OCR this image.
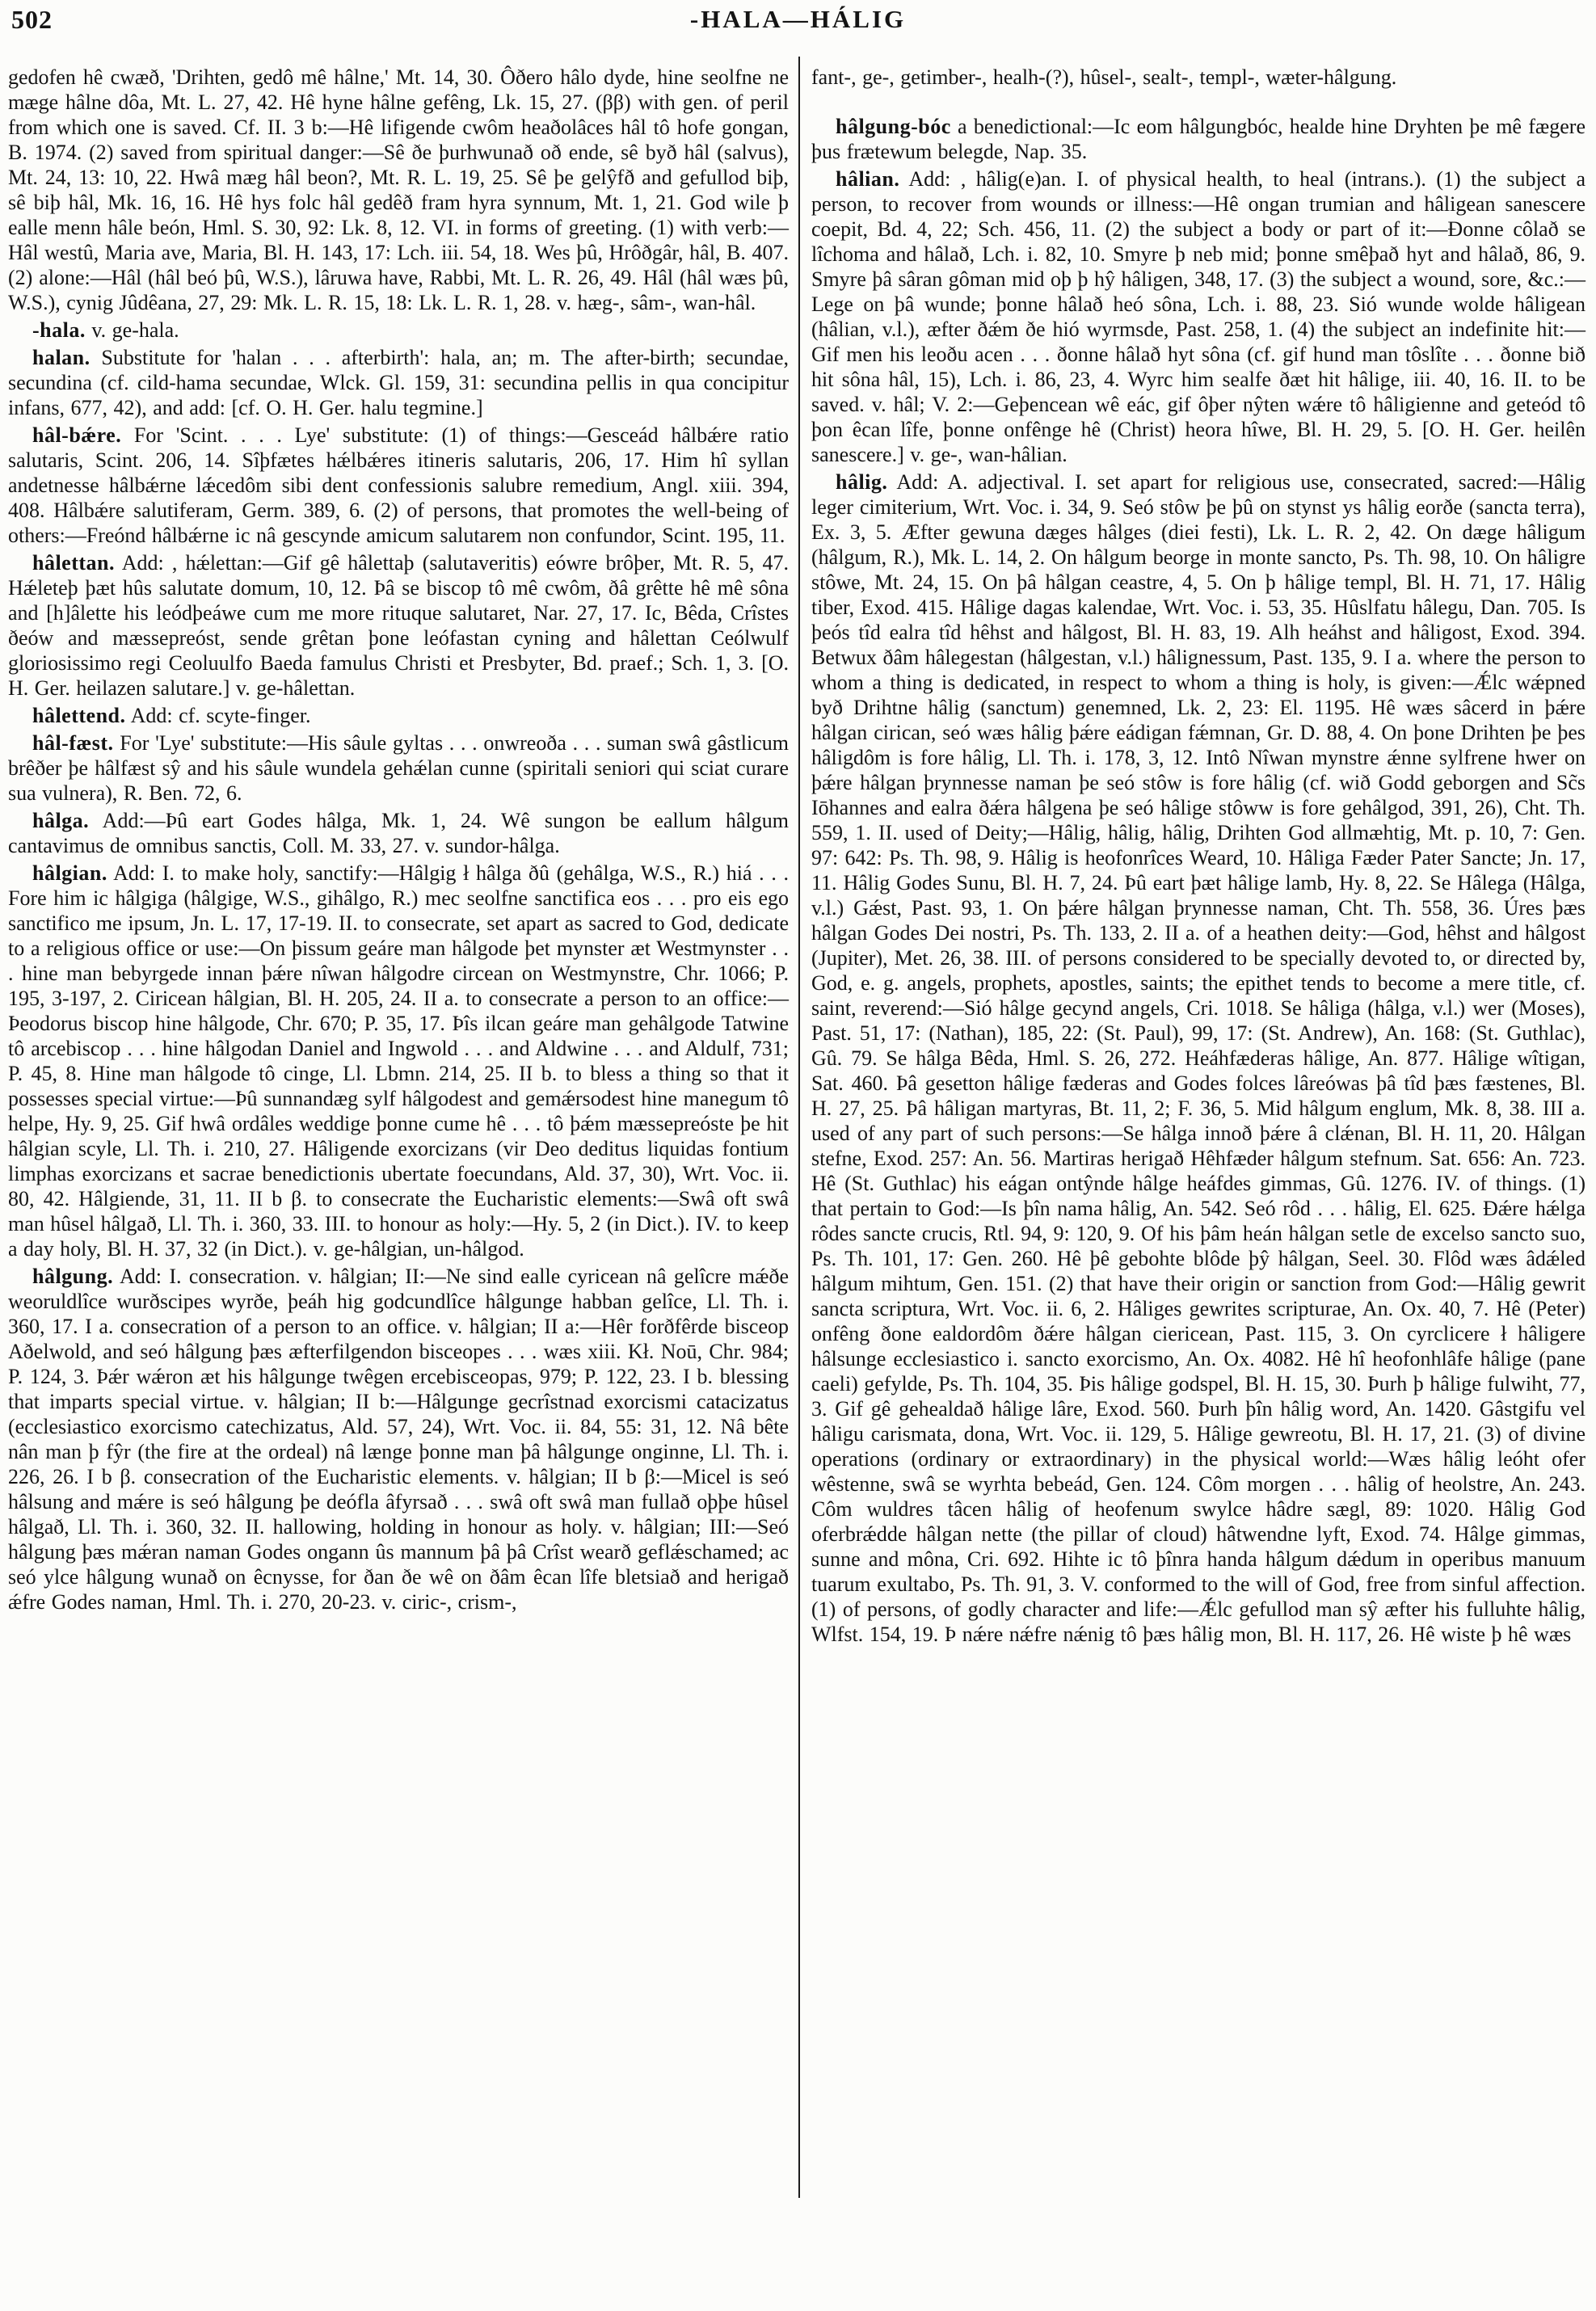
502	-HALA—HÁLIG

gedofen hê cwæð, 'Drihten, gedô mê hâlne,' Mt. 14, 30. Ôðero hâlo dyde, hine seolfne ne mæge hâlne dôa, Mt. L. 27, 42. Hê hyne hâlne gefêng, Lk. 15, 27. (ββ) with gen. of peril from which one is saved. Cf. II. 3 b:—Hê lifigende cwôm heaðolâces hâl tô hofe gongan, B. 1974. (2) saved from spiritual danger:—Sê ðe þurhwunað oð ende, sê byð hâl (salvus), Mt. 24, 13: 10, 22. Hwâ mæg hâl beon?, Mt. R. L. 19, 25. Sê þe gelŷfð and gefullod biþ, sê biþ hâl, Mk. 16, 16. Hê hys folc hâl gedêð fram hyra synnum, Mt. 1, 21. God wile þ ealle menn hâle beón, Hml. S. 30, 92: Lk. 8, 12. VI. in forms of greeting. (1) with verb:—Hâl westû, Maria ave, Maria, Bl. H. 143, 17: Lch. iii. 54, 18. Wes þû, Hrôðgâr, hâl, B. 407. (2) alone:—Hâl (hâl beó þû, W.S.), lâruwa have, Rabbi, Mt. L. R. 26, 49. Hâl (hâl wæs þû, W.S.), cynig Jûdêana, 27, 29: Mk. L. R. 15, 18: Lk. L. R. 1, 28. v. hæg-, sâm-, wan-hâl.

-hala. v. ge-hala.

halan. Substitute for 'halan . . . afterbirth': hala, an; m. The after-birth; secundae, secundina (cf. cild-hama secundae, Wlck. Gl. 159, 31: secundina pellis in qua concipitur infans, 677, 42), and add: [cf. O. H. Ger. halu tegmine.]

hâl-bǽre. For 'Scint. . . . Lye' substitute: (1) of things:—Gesceád hâlbǽre ratio salutaris, Scint. 206, 14. Sîþfætes hǽlbǽres itineris salutaris, 206, 17. Him hî syllan andetnesse hâlbǽrne lǽcedôm sibi dent confessionis salubre remedium, Angl. xiii. 394, 408. Hâlbǽre salutiferam, Germ. 389, 6. (2) of persons, that promotes the well-being of others:—Freónd hâlbǽrne ic nâ gescynde amicum salutarem non confundor, Scint. 195, 11.

hâlettan. Add: , hǽlettan:—Gif gê hâlettaþ (salutaveritis) eówre brôþer, Mt. R. 5, 47. Hǽleteþ þæt hûs salutate domum, 10, 12. Þâ se biscop tô mê cwôm, ðâ grêtte hê mê sôna and [h]âlette his leódþeáwe cum me more rituque salutaret, Nar. 27, 17. Ic, Bêda, Crîstes ðeów and mæssepreóst, sende grêtan þone leófastan cyning and hâlettan Ceólwulf gloriosissimo regi Ceoluulfo Baeda famulus Christi et Presbyter, Bd. praef.; Sch. 1, 3. [O. H. Ger. heilazen salutare.] v. ge-hâlettan.

hâlettend. Add: cf. scyte-finger.

hâl-fæst. For 'Lye' substitute:—His sâule gyltas . . . onwreoða . . . suman swâ gâstlicum brêðer þe hâlfæst sŷ and his sâule wundela gehǽlan cunne (spiritali seniori qui sciat curare sua vulnera), R. Ben. 72, 6.

hâlga. Add:—Þû eart Godes hâlga, Mk. 1, 24. Wê sungon be eallum hâlgum cantavimus de omnibus sanctis, Coll. M. 33, 27. v. sundor-hâlga.

hâlgian. Add: I. to make holy, sanctify:—Hâlgig ł hâlga ðû (gehâlga, W.S., R.) hiá . . . Fore him ic hâlgiga (hâlgige, W.S., gihâlgo, R.) mec seolfne sanctifica eos . . . pro eis ego sanctifico me ipsum, Jn. L. 17, 17-19. II. to consecrate, set apart as sacred to God, dedicate to a religious office or use:—On þissum geáre man hâlgode þet mynster æt Westmynster . . . hine man bebyrgede innan þǽre nîwan hâlgodre circean on Westmynstre, Chr. 1066; P. 195, 3-197, 2. Ciricean hâlgian, Bl. H. 205, 24. II a. to consecrate a person to an office:—Þeodorus biscop hine hâlgode, Chr. 670; P. 35, 17. Þîs ilcan geáre man gehâlgode Tatwine tô arcebiscop . . . hine hâlgodan Daniel and Ingwold . . . and Aldwine . . . and Aldulf, 731; P. 45, 8. Hine man hâlgode tô cinge, Ll. Lbmn. 214, 25. II b. to bless a thing so that it possesses special virtue:—Þû sunnandæg sylf hâlgodest and gemǽrsodest hine manegum tô helpe, Hy. 9, 25. Gif hwâ ordâles weddige þonne cume hê . . . tô þǽm mæssepreóste þe hit hâlgian scyle, Ll. Th. i. 210, 27. Hâligende exorcizans (vir Deo deditus liquidas fontium limphas exorcizans et sacrae benedictionis ubertate foecundans, Ald. 37, 30), Wrt. Voc. ii. 80, 42. Hâlgiende, 31, 11. II b β. to consecrate the Eucharistic elements:—Swâ oft swâ man hûsel hâlgað, Ll. Th. i. 360, 33. III. to honour as holy:—Hy. 5, 2 (in Dict.). IV. to keep a day holy, Bl. H. 37, 32 (in Dict.). v. ge-hâlgian, un-hâlgod.

hâlgung. Add: I. consecration. v. hâlgian; II:—Ne sind ealle cyricean nâ gelîcre mǽðe weoruldlîce wurðscipes wyrðe, þeáh hig godcundlîce hâlgunge habban gelîce, Ll. Th. i. 360, 17. I a. consecration of a person to an office. v. hâlgian; II a:—Hêr forðfêrde bisceop Aðelwold, and seó hâlgung þæs æfterfilgendon bisceopes . . . wæs xiii. Kł. Noū, Chr. 984; P. 124, 3. Þǽr wǽron æt his hâlgunge twêgen ercebisceopas, 979; P. 122, 23. I b. blessing that imparts special virtue. v. hâlgian; II b:—Hâlgunge gecrîstnad exorcismi catacizatus (ecclesiastico exorcismo catechizatus, Ald. 57, 24), Wrt. Voc. ii. 84, 55: 31, 12. Nâ bête nân man þ fŷr (the fire at the ordeal) nâ længe þonne man þâ hâlgunge onginne, Ll. Th. i. 226, 26. I b β. consecration of the Eucharistic elements. v. hâlgian; II b β:—Micel is seó hâlsung and mǽre is seó hâlgung þe deófla âfyrsað . . . swâ oft swâ man fullað oþþe hûsel hâlgað, Ll. Th. i. 360, 32. II. hallowing, holding in honour as holy. v. hâlgian; III:—Seó hâlgung þæs mǽran naman Godes ongann ûs mannum þâ þâ Crîst wearð geflǽschamed; ac seó ylce hâlgung wunað on êcnysse, for ðan ðe wê on ðâm êcan lîfe bletsiað and herigað ǽfre Godes naman, Hml. Th. i. 270, 20-23. v. ciric-, crism-,

fant-, ge-, getimber-, healh-(?), hûsel-, sealt-, templ-, wæter-hâlgung.

hâlgung-bóc a benedictional:—Ic eom hâlgungbóc, healde hine Dryhten þe mê fægere þus frætewum belegde, Nap. 35.

hâlian. Add: , hâlig(e)an. I. of physical health, to heal (intrans.). (1) the subject a person, to recover from wounds or illness:—Hê ongan trumian and hâligean sanescere coepit, Bd. 4, 22; Sch. 456, 11. (2) the subject a body or part of it:—Ðonne côlað se lîchoma and hâlað, Lch. i. 82, 10. Smyre þ neb mid; þonne smêþað hyt and hâlað, 86, 9. Smyre þâ sâran gôman mid oþ þ hŷ hâligen, 348, 17. (3) the subject a wound, sore, &c.:—Lege on þâ wunde; þonne hâlað heó sôna, Lch. i. 88, 23. Sió wunde wolde hâligean (hâlian, v.l.), æfter ðǽm ðe hió wyrmsde, Past. 258, 1. (4) the subject an indefinite hit:—Gif men his leoðu acen . . . ðonne hâlað hyt sôna (cf. gif hund man tôslîte . . . ðonne bið hit sôna hâl, 15), Lch. i. 86, 23, 4. Wyrc him sealfe ðæt hit hâlige, iii. 40, 16. II. to be saved. v. hâl; V. 2:—Geþencean wê eác, gif ôþer nŷten wǽre tô hâligienne and geteód tô þon êcan lîfe, þonne onfênge hê (Christ) heora hîwe, Bl. H. 29, 5. [O. H. Ger. heilên sanescere.] v. ge-, wan-hâlian.

hâlig. Add: A. adjectival. I. set apart for religious use, consecrated, sacred:—Hâlig leger cimiterium, Wrt. Voc. i. 34, 9. Seó stôw þe þû on stynst ys hâlig eorðe (sancta terra), Ex. 3, 5. Æfter gewuna dæges hâlges (diei festi), Lk. L. R. 2, 42. On dæge hâligum (hâlgum, R.), Mk. L. 14, 2. On hâlgum beorge in monte sancto, Ps. Th. 98, 10. On hâligre stôwe, Mt. 24, 15. On þâ hâlgan ceastre, 4, 5. On þ hâlige templ, Bl. H. 71, 17. Hâlig tiber, Exod. 415. Hâlige dagas kalendae, Wrt. Voc. i. 53, 35. Hûslfatu hâlegu, Dan. 705. Is þeós tîd ealra tîd hêhst and hâlgost, Bl. H. 83, 19. Alh heáhst and hâligost, Exod. 394. Betwux ðâm hâlegestan (hâlgestan, v.l.) hâlignessum, Past. 135, 9. I a. where the person to whom a thing is dedicated, in respect to whom a thing is holy, is given:—Ǽlc wǽpned byð Drihtne hâlig (sanctum) genemned, Lk. 2, 23: El. 1195. Hê wæs sâcerd in þǽre hâlgan cirican, seó wæs hâlig þǽre eádigan fǽmnan, Gr. D. 88, 4. On þone Drihten þe þes hâligdôm is fore hâlig, Ll. Th. i. 178, 3, 12. Intô Nîwan mynstre ǽnne sylfrene hwer on þǽre hâlgan þrynnesse naman þe seó stôw is fore hâlig (cf. wið Godd geborgen and Sc̃s Iōhannes and ealra ðǽra hâlgena þe seó hâlige stôww is fore gehâlgod, 391, 26), Cht. Th. 559, 1. II. used of Deity;—Hâlig, hâlig, hâlig, Drihten God allmæhtig, Mt. p. 10, 7: Gen. 97: 642: Ps. Th. 98, 9. Hâlig is heofonrîces Weard, 10. Hâliga Fæder Pater Sancte; Jn. 17, 11. Hâlig Godes Sunu, Bl. H. 7, 24. Þû eart þæt hâlige lamb, Hy. 8, 22. Se Hâlega (Hâlga, v.l.) Gǽst, Past. 93, 1. On þǽre hâlgan þrynnesse naman, Cht. Th. 558, 36. Úres þæs hâlgan Godes Dei nostri, Ps. Th. 133, 2. II a. of a heathen deity:—God, hêhst and hâlgost (Jupiter), Met. 26, 38. III. of persons considered to be specially devoted to, or directed by, God, e. g. angels, prophets, apostles, saints; the epithet tends to become a mere title, cf. saint, reverend:—Sió hâlge gecynd angels, Cri. 1018. Se hâliga (hâlga, v.l.) wer (Moses), Past. 51, 17: (Nathan), 185, 22: (St. Paul), 99, 17: (St. Andrew), An. 168: (St. Guthlac), Gû. 79. Se hâlga Bêda, Hml. S. 26, 272. Heáhfæderas hâlige, An. 877. Hâlige wîtigan, Sat. 460. Þâ gesetton hâlige fæderas and Godes folces lâreówas þâ tîd þæs fæstenes, Bl. H. 27, 25. Þâ hâligan martyras, Bt. 11, 2; F. 36, 5. Mid hâlgum englum, Mk. 8, 38. III a. used of any part of such persons:—Se hâlga innoð þǽre â clǽnan, Bl. H. 11, 20. Hâlgan stefne, Exod. 257: An. 56. Martiras herigað Hêhfæder hâlgum stefnum. Sat. 656: An. 723. Hê (St. Guthlac) his eágan ontŷnde hâlge heáfdes gimmas, Gû. 1276. IV. of things. (1) that pertain to God:—Is þîn nama hâlig, An. 542. Seó rôd . . . hâlig, El. 625. Ðǽre hǽlga rôdes sancte crucis, Rtl. 94, 9: 120, 9. Of his þâm heán hâlgan setle de excelso sancto suo, Ps. Th. 101, 17: Gen. 260. Hê þê gebohte blôde þŷ hâlgan, Seel. 30. Flôd wæs âdǽled hâlgum mihtum, Gen. 151. (2) that have their origin or sanction from God:—Hâlig gewrit sancta scriptura, Wrt. Voc. ii. 6, 2. Hâliges gewrites scripturae, An. Ox. 40, 7. Hê (Peter) onfêng ðone ealdordôm ðǽre hâlgan ciericean, Past. 115, 3. On cyrclicere ł hâligere hâlsunge ecclesiastico i. sancto exorcismo, An. Ox. 4082. Hê hî heofonhlâfe hâlige (pane caeli) gefylde, Ps. Th. 104, 35. Þis hâlige godspel, Bl. H. 15, 30. Þurh þ hâlige fulwiht, 77, 3. Gif gê gehealdað hâlige lâre, Exod. 560. Þurh þîn hâlig word, An. 1420. Gâstgifu vel hâligu carismata, dona, Wrt. Voc. ii. 129, 5. Hâlige gewreotu, Bl. H. 17, 21. (3) of divine operations (ordinary or extraordinary) in the physical world:—Wæs hâlig leóht ofer wêstenne, swâ se wyrhta bebeád, Gen. 124. Côm morgen . . . hâlig of heolstre, An. 243. Côm wuldres tâcen hâlig of heofenum swylce hâdre sægl, 89: 1020. Hâlig God oferbrǽdde hâlgan nette (the pillar of cloud) hâtwendne lyft, Exod. 74. Hâlge gimmas, sunne and môna, Cri. 692. Hihte ic tô þînra handa hâlgum dǽdum in operibus manuum tuarum exultabo, Ps. Th. 91, 3. V. conformed to the will of God, free from sinful affection. (1) of persons, of godly character and life:—Ǽlc gefullod man sŷ æfter his fulluhte hâlig, Wlfst. 154, 19. Þ nǽre nǽfre nǽnig tô þæs hâlig mon, Bl. H. 117, 26. Hê wiste þ hê wæs
